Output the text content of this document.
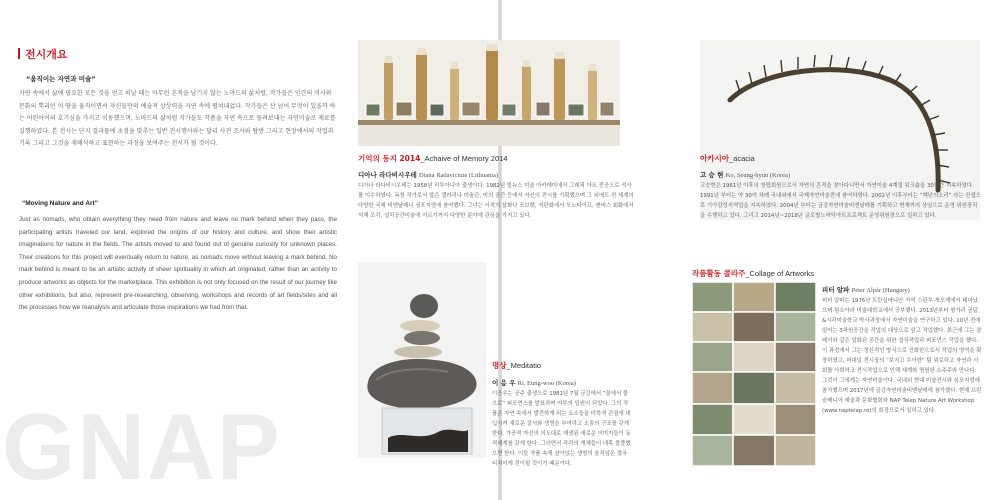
GNAP
전시개요
“움직이는 자연과 미술”
자연 속에서 삶에 필요한 모든 것을 얻고 떠날 때는 아무런 흔적을 남기지 않는 노마드의 삶처럼, 작가들은 인간의 역사와 문화의 뿌리인 이 땅을 움직이면서 자신들만의 예술적 상상력을 자연 속에 펼쳐내었다. 작가들은 산 넘어 무엇이 있을까 하는 어린아이의 호기심을 가지고 이동했으며, 노마드의 삶처럼 작가들도 작품을 자연 속으로 돌려보내는 자연미술로 재료를 실행하였다. 본 전시는 단지 결과물에 초점을 맞추는 일반 전시행사와는 달리 사전 조사와 탐방 그리고 현장에서의 작업과 기록 그리고 그것을 재해석하고 표현하는 과정을 보여주는 전시가 될 것이다.
“Moving Nature and Art”
Just as nomads, who obtain everything they need from nature and leave no mark behind when they pass, the participating artists traveled our land, explored the origins of our history and culture, and show their artistic imaginations for nature in the fields. The artists moved to and found out of genuine curiosity for unknown places. Their creations for this project will eventually return to nature, as nomads move without leaving a mark behind. No mark behind is meant to be an artistic activity of sheer spirituality in which art originated, rather than an activity to produce artworks as objects for the marketplace. This exhibition is not only focused on the result of our journey like other exhibitions, but also, represent pre-researching, observing, workshops and records of art fields/sites and all the processes how we reanalysis and articulate those inspirations we had from that.
기억의 동지 2014_Achaive of Memory 2014
디아나 라다비시우테 Diana Radaviciute (Lithuania)
디아나 라다비시우테는 1958년 리투아니아 출생이다. 1982년 빌뉴스 미술 아카데미에서 그래픽 아트 전공으로 석사를 이수하였다. 독창 작가로서 많은 갤러리나 미술관, 미의 공간 등에서 자신의 전시를 기획했으며 그 외에도 전 세계의 다양한 국제 비엔날레나 심포지엄에 참여했다. 그녀는 서적의 삽화나 포브렛, 석판화에서 모노타이프, 캔버스 회화에서 석재 조각, 설치공간미술에 이르기까지 다양한 분야에 관심을 가지고 있다.
아카시아_acacia
고 승 현 Ko, Seung-hyun (Korea)
고승현은 1961년 이후의 창립회원으로서 자연의 흔적을 찾아다니면서 자연미술 4계절 워크숍을 30년간 지속하였다. 1991년 부터는 약 30여 차례 국내외에서 국제자연미술전에 참여하였다. 2002년 이후부터는 “백년의소리” 라는 컨셉으로 기아감성지역업을 지속하였다. 2004년 부터는 금강자연미술비엔날레를 기획하고 현재까지 상임으로 운영 위원장직을 수행하고 있다. 그리고 2014년~2018년 글로벌노마딕아트프로젝트 운영위원장으로 일하고 있다.
명상_Meditatio
이 응 우 Ri, Eung-woo (Korea)
이응우는 공주 출생으로 1981년 7월 금강에서 “물에서 물으로” 퍼포먼스를 발표하며 야투의 일원이 되었다. 그의 작품은 자연 속에서 발견하게 되는 요소들을 미학적 관점에 대입시켜 새로운 질서와 생명을 부여하고 소통의 구조를 갖게 한다. 가공적 자신의 의도대로 재생된 새로운 이미지들이 동적세계를 갖게 한다. 그러면서 각각의 개체들이 대목 풀풀했으면 한다. 이들 작품 속에 살아있는 생명의 움직임은 결국 티치어게 전이될 것이기 때문이다.
작품활동 콜라주_Collage of Artworks
피터 알파 Peter Alpár (Hungary)
피터 알파는 1976년 트란실바니안 지역 스판투 게오게에서 태어났으며 팀소아라 미술대학교에서 공부했다. 2013년부터 형가리 곰덤&시각미술학교 박사과정에서 자연미술을 연구하고 있다. 10년 전에 일어는 3차원공간을 작업의 대상으로 삼고 작업했다. 최근에 그는 클레이와 같은 일회된 공간을 위한 설치작업과 퍼포먼스 작업을 했다. 이 과정에서 그는 정신적인 방식으로 진화한으로서 작업의 영역을 확장하였고, 머대널 전시장의 “보지고 우아한” 팀 위로하고 자연과 사회를 사회하고 전시작업으로 인해 세계와 명원한 소주주와 만나다. 그것이 그에게는 자연미술이다. 국내외 현대 미술전시와 심포지엄에 참가했으며 2017년에 금강자연미술비엔날레에 참가했다. 현재 프린슬베니아 예술과 문화협회와 NAP Telep Nature Art Workshop (www.naptelep.ro)의 회장으로서 일하고 있다.
